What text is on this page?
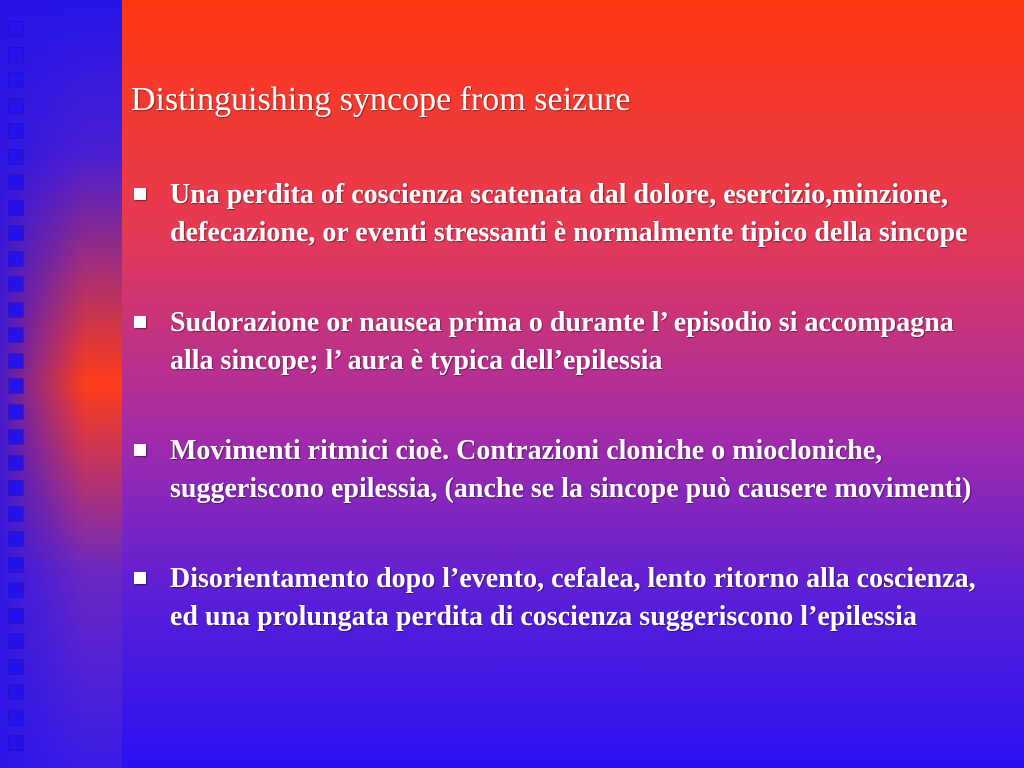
Distinguishing syncope from seizure
Una perdita of coscienza scatenata dal dolore, esercizio,minzione, defecazione, or eventi stressanti è normalmente tipico della sincope
Sudorazione or nausea prima o durante l’ episodio si accompagna alla sincope; l’ aura è typica dell’epilessia
Movimenti ritmici cioè. Contrazioni cloniche o miocloniche, suggeriscono epilessia, (anche se la sincope può causere movimenti)
Disorientamento dopo l’evento, cefalea, lento ritorno alla coscienza, ed una prolungata perdita di coscienza suggeriscono l’epilessia
